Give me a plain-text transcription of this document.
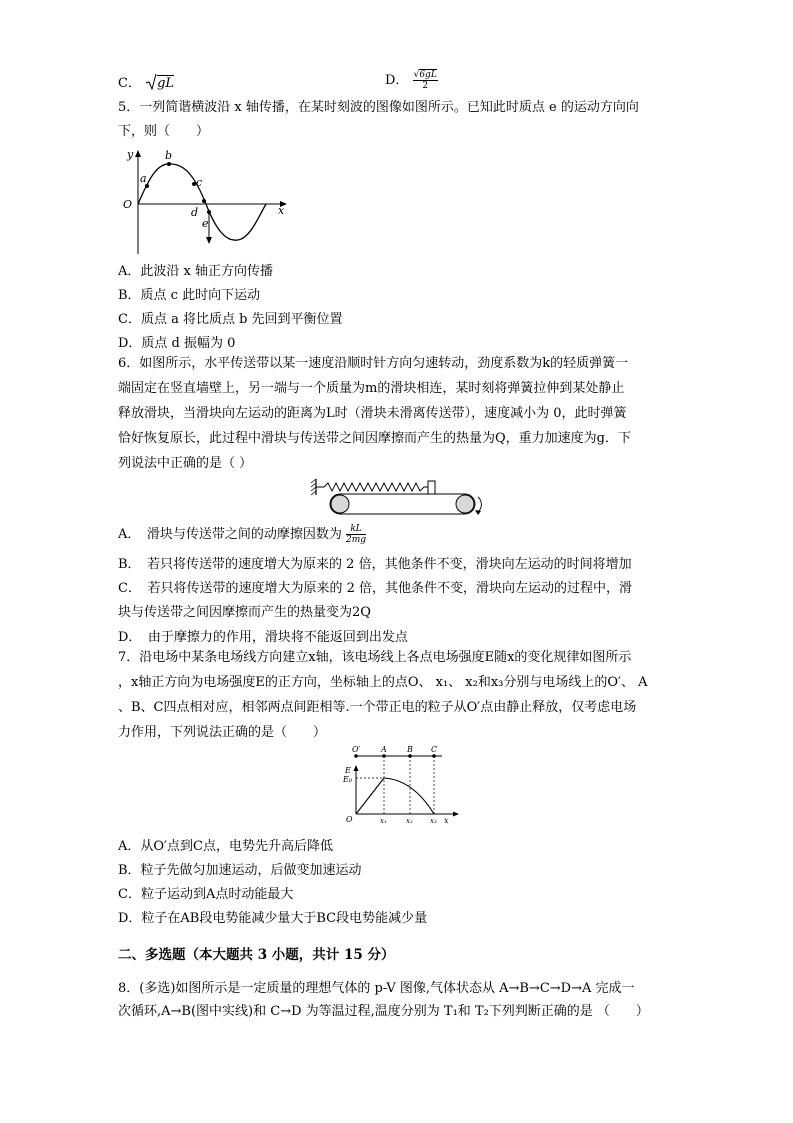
C． gL	D． $\frac{√6gL}{2}$
5．一列简谐横波沿 x 轴传播，在某时刻波的图像如图所示。已知此时质点 e 的运动方向向
下，则（　　）
y
x
O
a
b
c
d
e
A．此波沿 x 轴正方向传播
B．质点 c 此时向下运动
C．质点 a 将比质点 b 先回到平衡位置
D．质点 d 振幅为 0
6．如图所示，水平传送带以某一速度沿顺时针方向匀速转动，劲度系数为k的轻质弹簧一
端固定在竖直墙壁上，另一端与一个质量为m的滑块相连，某时刻将弹簧拉伸到某处静止
释放滑块，当滑块向左运动的距离为L时（滑块未滑离传送带），速度减小为 0，此时弹簧
恰好恢复原长，此过程中滑块与传送带之间因摩擦而产生的热量为Q，重力加速度为g．下
列说法中正确的是（ ）
A．　滑块与传送带之间的动摩擦因数为 $\frac{kL}{2mg}$
B．　若只将传送带的速度增大为原来的 2 倍，其他条件不变，滑块向左运动的时间将增加
C．　若只将传送带的速度增大为原来的 2 倍，其他条件不变，滑块向左运动的过程中，滑
块与传送带之间因摩擦而产生的热量变为2Q
D．　由于摩擦力的作用，滑块将不能返回到出发点
7．沿电场中某条电场线方向建立x轴，该电场线上各点电场强度E随x的变化规律如图所示
，x轴正方向为电场强度E的正方向，坐标轴上的点O、 x₁、 x₂和x₃分别与电场线上的O′、 A
、B、C四点相对应，相邻两点间距相等.一个带正电的粒子从O′点由静止释放，仅考虑电场
力作用，下列说法正确的是（　　）
O′	A	B C
E
E₀
O	x₁	x₂ x₃ x
A．从O′点到C点，电势先升高后降低
B．粒子先做匀加速运动，后做变加速运动
C．粒子运动到A点时动能最大
D．粒子在AB段电势能减少量大于BC段电势能减少量
二、多选题（本大题共 3 小题，共计 15 分）
8．(多选)如图所示是一定质量的理想气体的 p-V 图像,气体状态从 A→B→C→D→A 完成一
次循环,A→B(图中实线)和 C→D 为等温过程,温度分别为 T₁和 T₂下列判断正确的是 （　　）
